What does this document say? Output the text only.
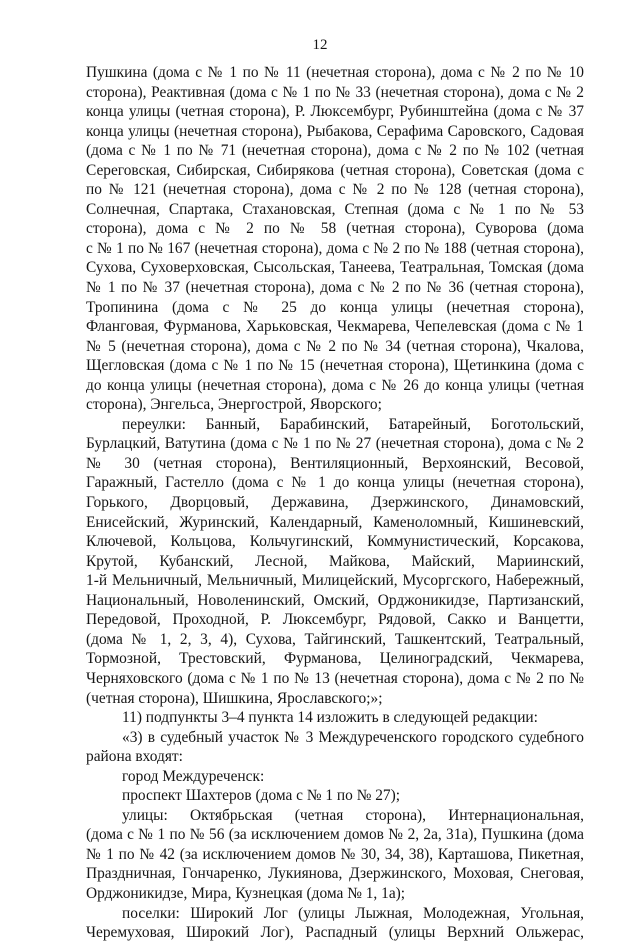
12
Пушкина (дома с № 1 по № 11 (нечетная сторона), дома с № 2 по № 10
сторона), Реактивная (дома с № 1 по № 33 (нечетная сторона), дома с № 2
конца улицы (четная сторона), Р. Люксембург, Рубинштейна (дома с № 37
конца улицы (нечетная сторона), Рыбакова, Серафима Саровского, Садовая
(дома с № 1 по № 71 (нечетная сторона), дома с № 2 по № 102 (четная
Сереговская, Сибирская, Сибирякова (четная сторона), Советская (дома с
по № 121 (нечетная сторона), дома с № 2 по № 128 (четная сторона),
Солнечная, Спартака, Стахановская, Степная (дома с № 1 по № 53
сторона), дома с № 2 по № 58 (четная сторона), Суворова (дома
с № 1 по № 167 (нечетная сторона), дома с № 2 по № 188 (четная сторона),
Сухова, Суховерховская, Сысольская, Танеева, Театральная, Томская (дома
№ 1 по № 37 (нечетная сторона), дома с № 2 по № 36 (четная сторона),
Тропинина (дома с № 25 до конца улицы (нечетная сторона),
Фланговая, Фурманова, Харьковская, Чекмарева, Чепелевская (дома с № 1
№ 5 (нечетная сторона), дома с № 2 по № 34 (четная сторона), Чкалова,
Щегловская (дома с № 1 по № 15 (нечетная сторона), Щетинкина (дома с
до конца улицы (нечетная сторона), дома с № 26 до конца улицы (четная
сторона), Энгельса, Энергострой, Яворского;
переулки: Банный, Барабинский, Батарейный, Боготольский,
Бурлацкий, Ватутина (дома с № 1 по № 27 (нечетная сторона), дома с № 2
№ 30 (четная сторона), Вентиляционный, Верхоянский, Весовой,
Гаражный, Гастелло (дома с № 1 до конца улицы (нечетная сторона),
Горького, Дворцовый, Державина, Дзержинского, Динамовский,
Енисейский, Журинский, Календарный, Каменоломный, Кишиневский,
Ключевой, Кольцова, Кольчугинский, Коммунистический, Корсакова,
Крутой, Кубанский, Лесной, Майкова, Майский, Мариинский,
1-й Мельничный, Мельничный, Милицейский, Мусоргского, Набережный,
Национальный, Новоленинский, Омский, Орджоникидзе, Партизанский,
Передовой, Проходной, Р. Люксембург, Рядовой, Сакко и Ванцетти,
(дома № 1, 2, 3, 4), Сухова, Тайгинский, Ташкентский, Театральный,
Тормозной, Трестовский, Фурманова, Целиноградский, Чекмарева,
Черняховского (дома с № 1 по № 13 (нечетная сторона), дома с № 2 по №
(четная сторона), Шишкина, Ярославского;»;
11) подпункты 3–4 пункта 14 изложить в следующей редакции:
«3) в судебный участок № 3 Междуреченского городского судебного
района входят:
город Междуреченск:
проспект Шахтеров (дома с № 1 по № 27);
улицы: Октябрьская (четная сторона), Интернациональная,
(дома с № 1 по № 56 (за исключением домов № 2, 2а, 31а), Пушкина (дома
№ 1 по № 42 (за исключением домов № 30, 34, 38), Карташова, Пикетная,
Праздничная, Гончаренко, Лукиянова, Дзержинского, Моховая, Снеговая,
Орджоникидзе, Мира, Кузнецкая (дома № 1, 1а);
поселки: Широкий Лог (улицы Лыжная, Молодежная, Угольная,
Черемуховая, Широкий Лог), Распадный (улицы Верхний Ольжерас,
